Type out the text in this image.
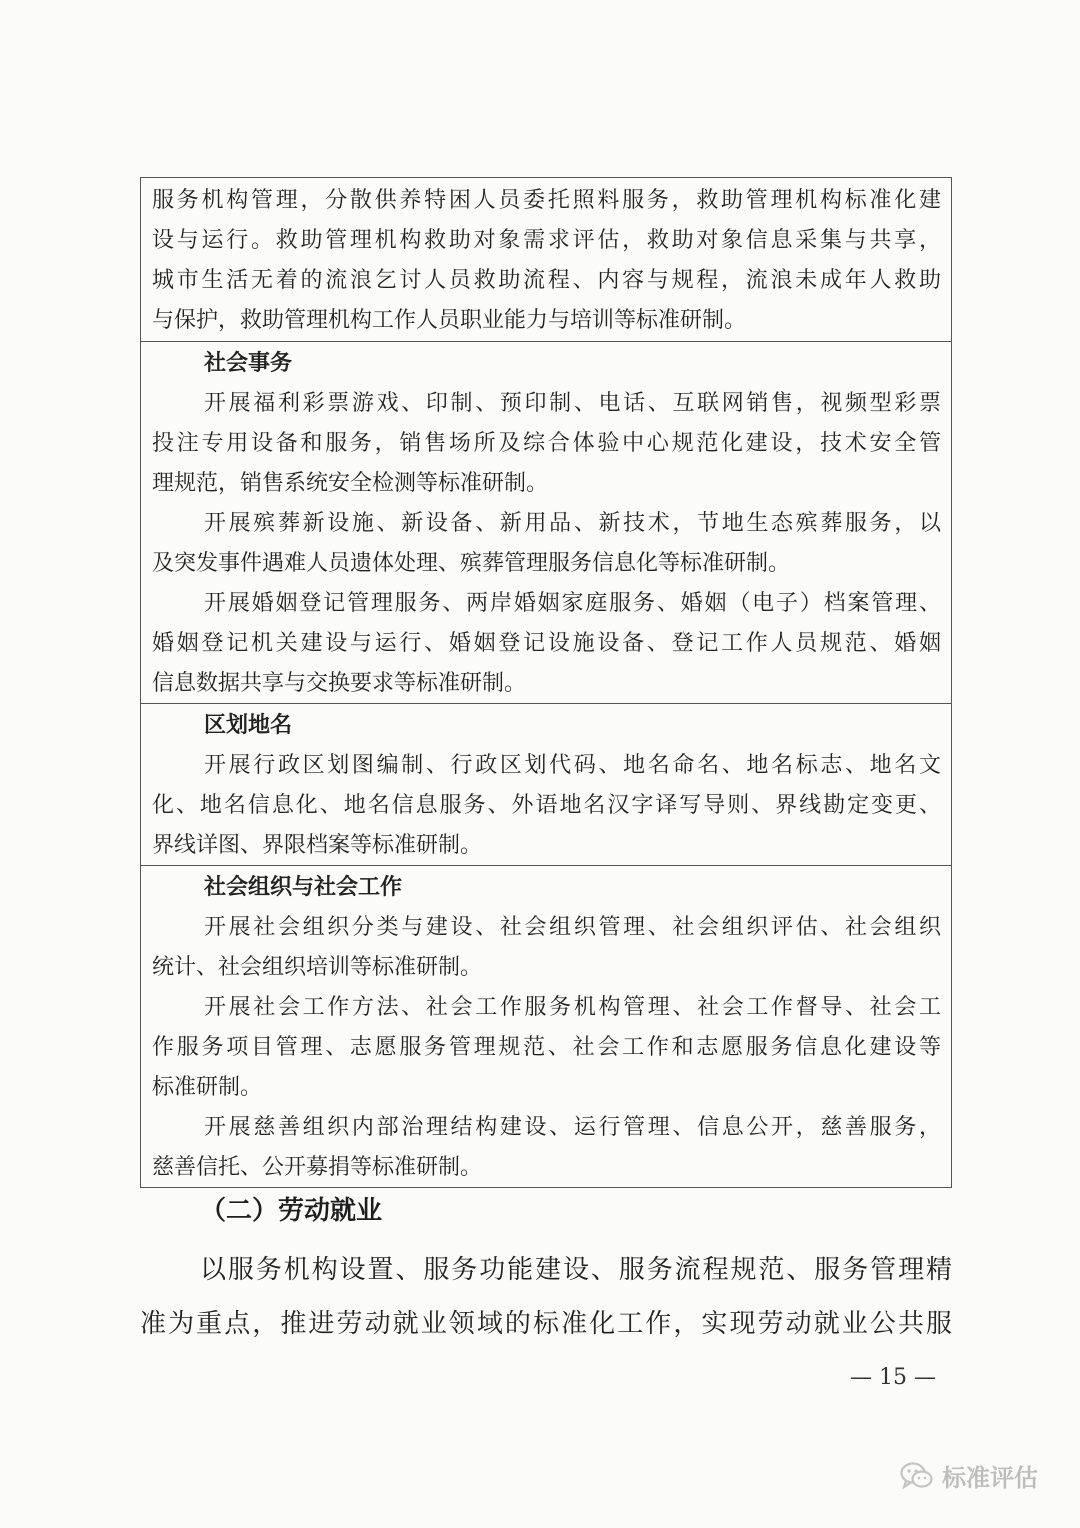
服务机构管理，分散供养特困人员委托照料服务，救助管理机构标准化建
设与运行。救助管理机构救助对象需求评估，救助对象信息采集与共享，
城市生活无着的流浪乞讨人员救助流程、内容与规程，流浪未成年人救助
与保护，救助管理机构工作人员职业能力与培训等标准研制。
社会事务
开展福利彩票游戏、印制、预印制、电话、互联网销售，视频型彩票
投注专用设备和服务，销售场所及综合体验中心规范化建设，技术安全管
理规范，销售系统安全检测等标准研制。
开展殡葬新设施、新设备、新用品、新技术，节地生态殡葬服务，以
及突发事件遇难人员遗体处理、殡葬管理服务信息化等标准研制。
开展婚姻登记管理服务、两岸婚姻家庭服务、婚姻（电子）档案管理、
婚姻登记机关建设与运行、婚姻登记设施设备、登记工作人员规范、婚姻
信息数据共享与交换要求等标准研制。
区划地名
开展行政区划图编制、行政区划代码、地名命名、地名标志、地名文
化、地名信息化、地名信息服务、外语地名汉字译写导则、界线勘定变更、
界线详图、界限档案等标准研制。
社会组织与社会工作
开展社会组织分类与建设、社会组织管理、社会组织评估、社会组织
统计、社会组织培训等标准研制。
开展社会工作方法、社会工作服务机构管理、社会工作督导、社会工
作服务项目管理、志愿服务管理规范、社会工作和志愿服务信息化建设等
标准研制。
开展慈善组织内部治理结构建设、运行管理、信息公开，慈善服务，
慈善信托、公开募捐等标准研制。
（二）劳动就业
以服务机构设置、服务功能建设、服务流程规范、服务管理精
准为重点，推进劳动就业领域的标准化工作，实现劳动就业公共服
— 15 —
标准评估
